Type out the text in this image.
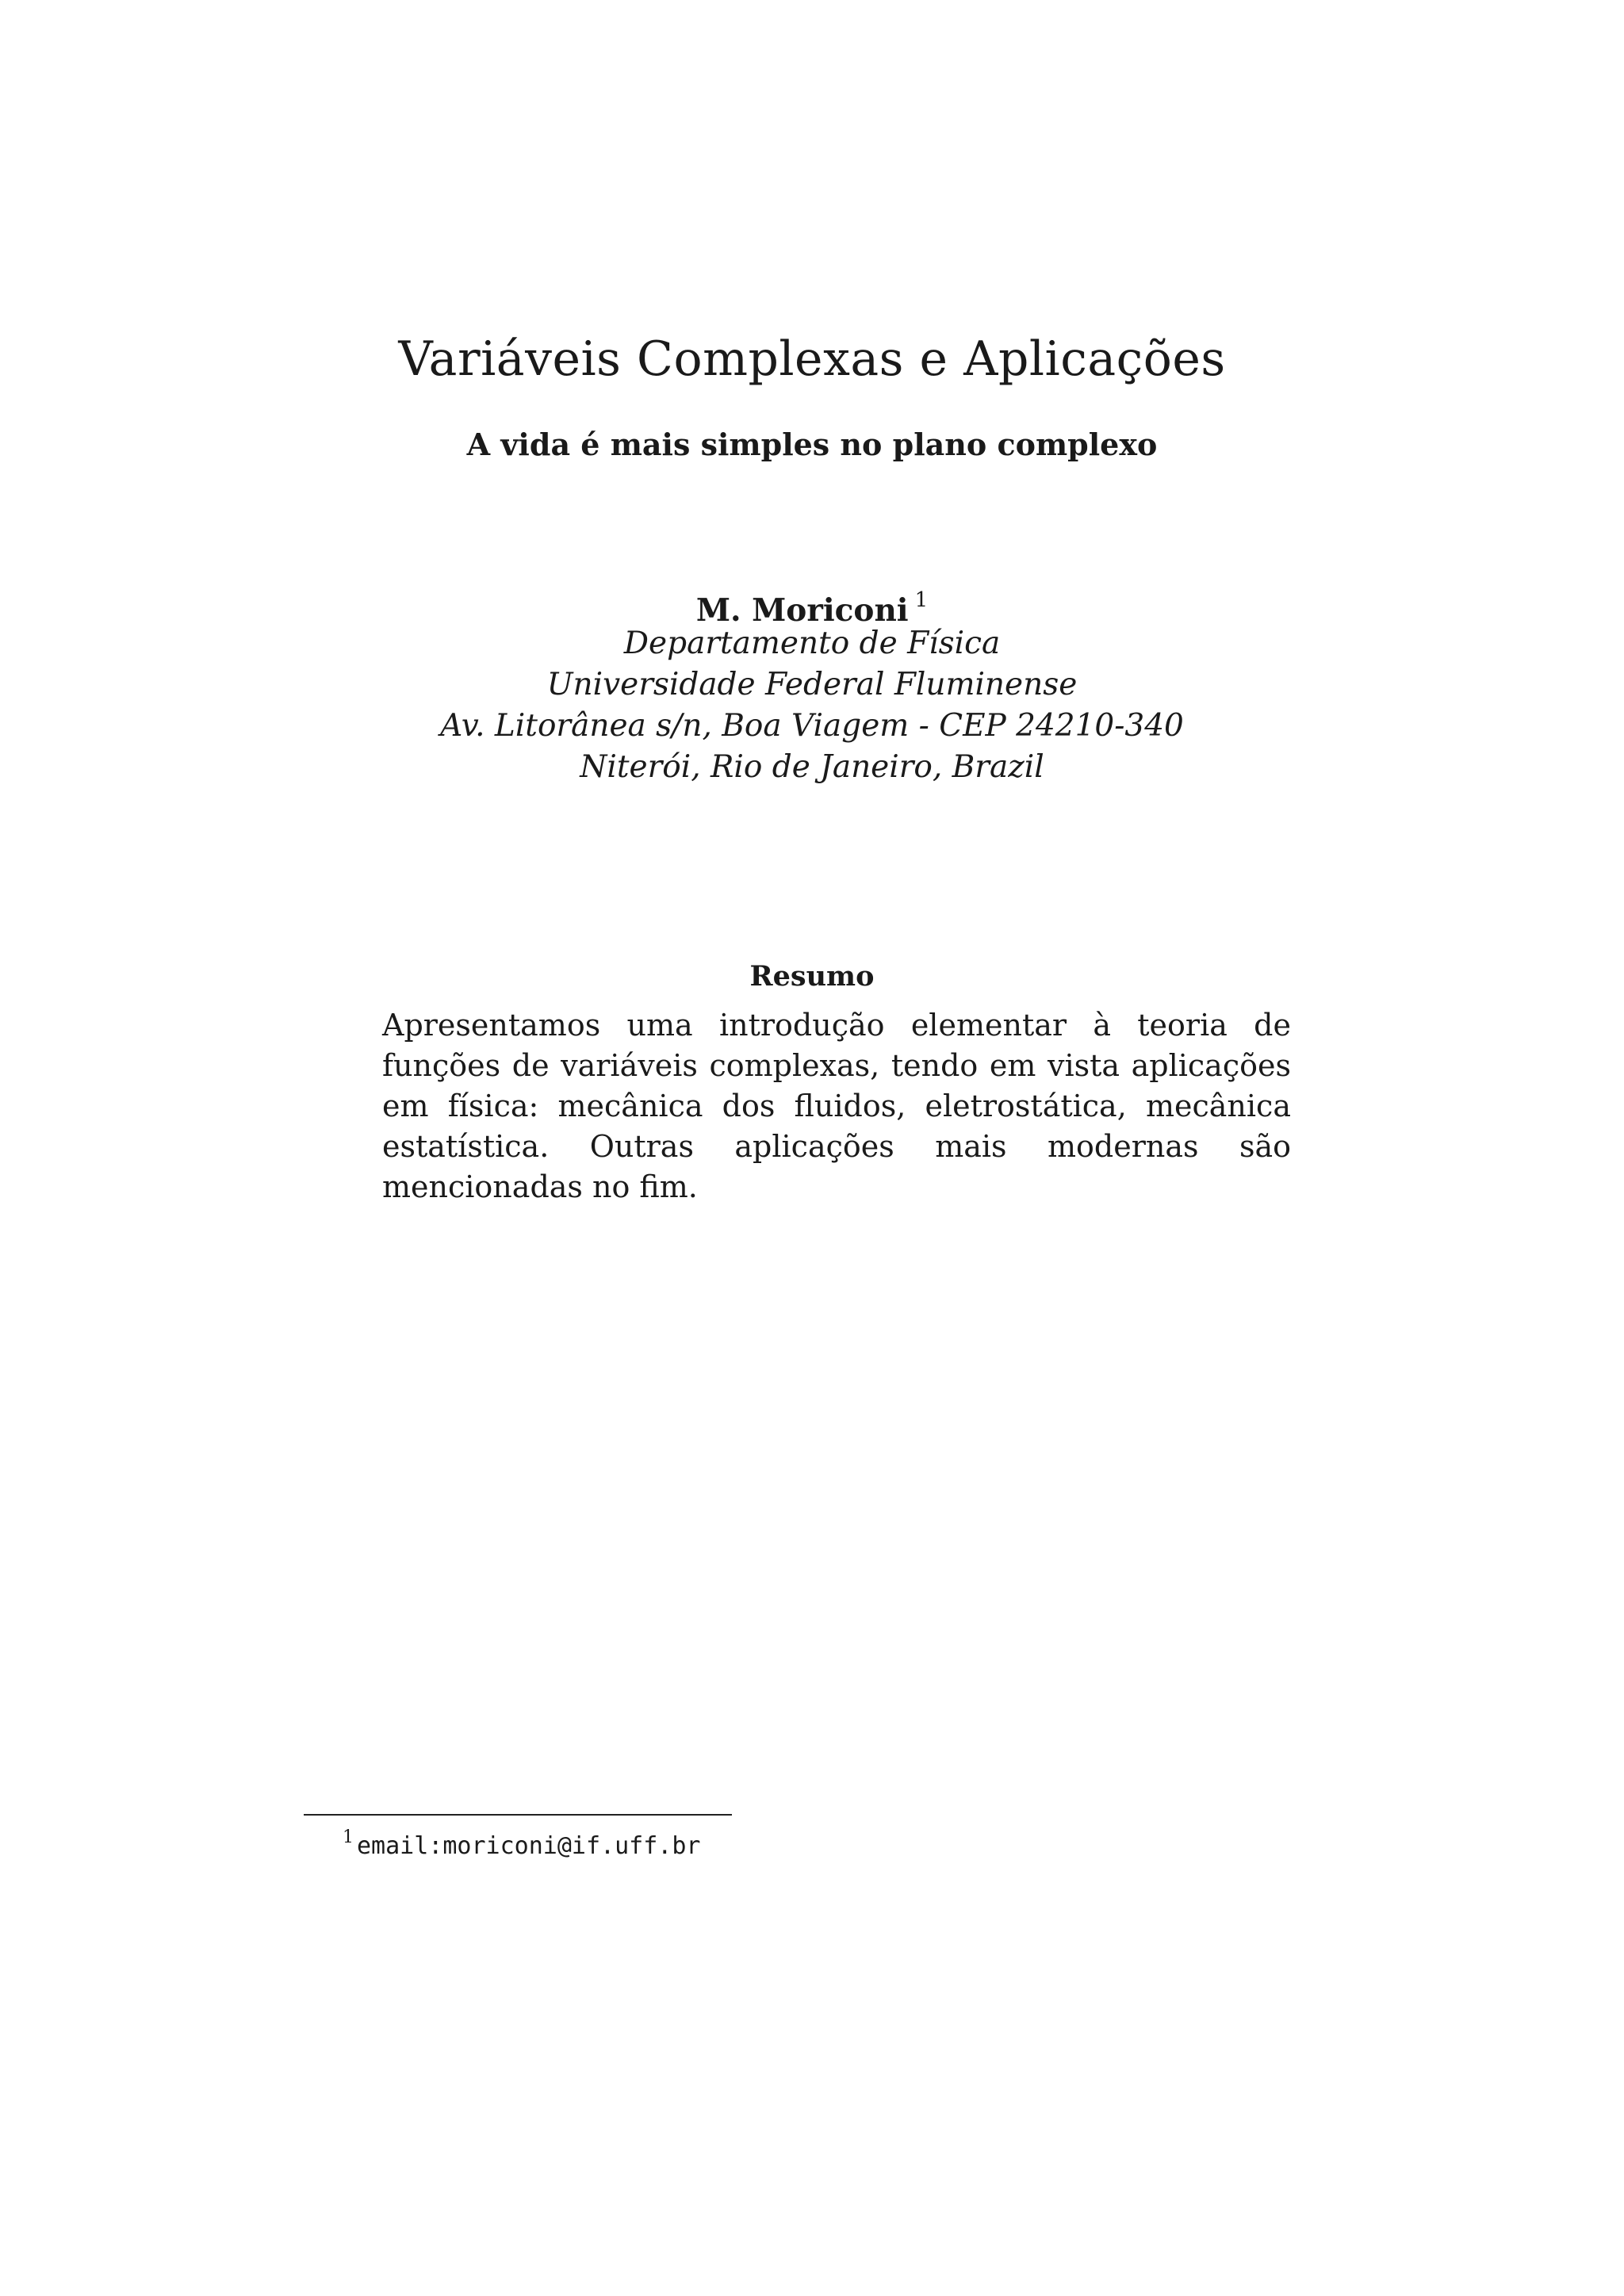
Variáveis Complexas e Aplicações
A vida é mais simples no plano complexo
M. Moriconi $^1$
Departamento de Física
Universidade Federal Fluminense
Av. Litorânea s/n, Boa Viagem - CEP 24210-340
Niterói, Rio de Janeiro, Brazil
Resumo

Apresentamos uma introdução elementar à teoria de funções de variáveis complexas, tendo em vista aplicações em física: mecânica dos fluidos, eletrostática, mecânica estatística. Outras aplicações mais modernas são mencionadas no fim.

$^1$ email:moriconi@if.uff.br
